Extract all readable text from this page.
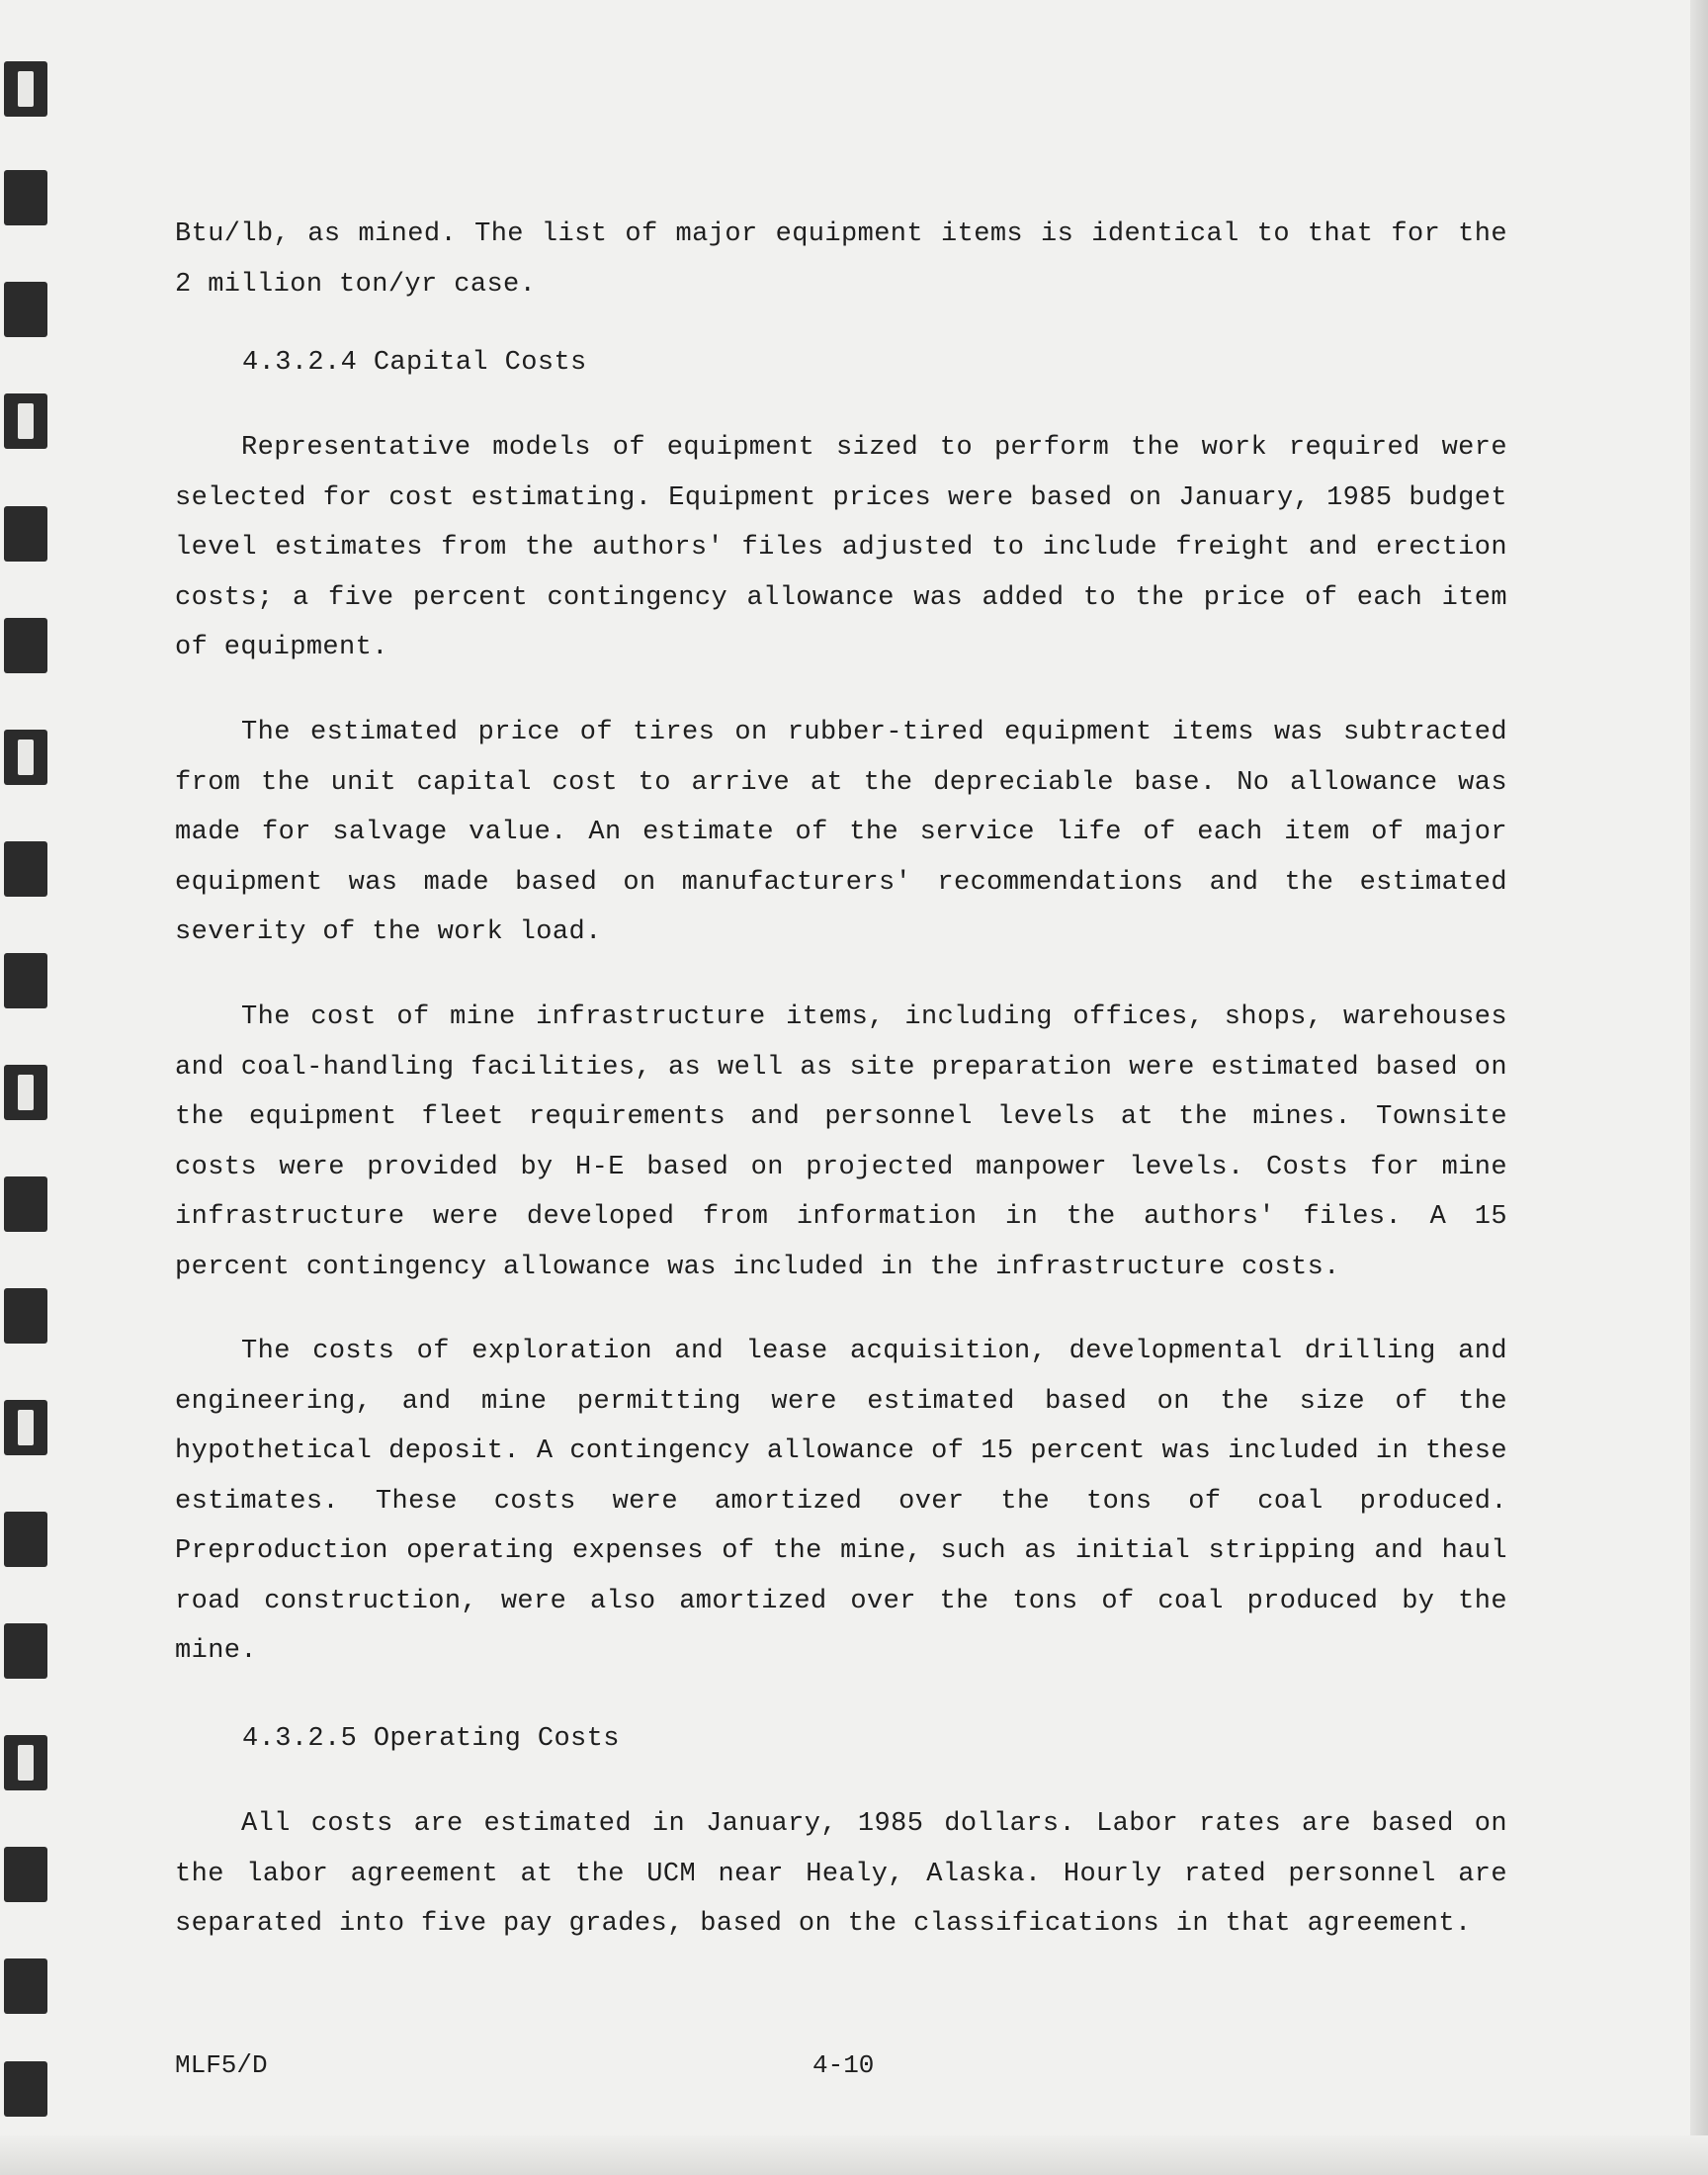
Btu/lb, as mined. The list of major equipment items is identical to that for the 2 million ton/yr case.
4.3.2.4 Capital Costs
Representative models of equipment sized to perform the work required were selected for cost estimating. Equipment prices were based on January, 1985 budget level estimates from the authors' files adjusted to include freight and erection costs; a five percent contingency allowance was added to the price of each item of equipment.
The estimated price of tires on rubber-tired equipment items was subtracted from the unit capital cost to arrive at the depreciable base. No allowance was made for salvage value. An estimate of the service life of each item of major equipment was made based on manufacturers' recommendations and the estimated severity of the work load.
The cost of mine infrastructure items, including offices, shops, warehouses and coal-handling facilities, as well as site preparation were estimated based on the equipment fleet requirements and personnel levels at the mines. Townsite costs were provided by H-E based on projected manpower levels. Costs for mine infrastructure were developed from information in the authors' files. A 15 percent contingency allowance was included in the infrastructure costs.
The costs of exploration and lease acquisition, developmental drilling and engineering, and mine permitting were estimated based on the size of the hypothetical deposit. A contingency allowance of 15 percent was included in these estimates. These costs were amortized over the tons of coal produced. Preproduction operating expenses of the mine, such as initial stripping and haul road construction, were also amortized over the tons of coal produced by the mine.
4.3.2.5 Operating Costs
All costs are estimated in January, 1985 dollars. Labor rates are based on the labor agreement at the UCM near Healy, Alaska. Hourly rated personnel are separated into five pay grades, based on the classifications in that agreement.
MLF5/D	4-10
